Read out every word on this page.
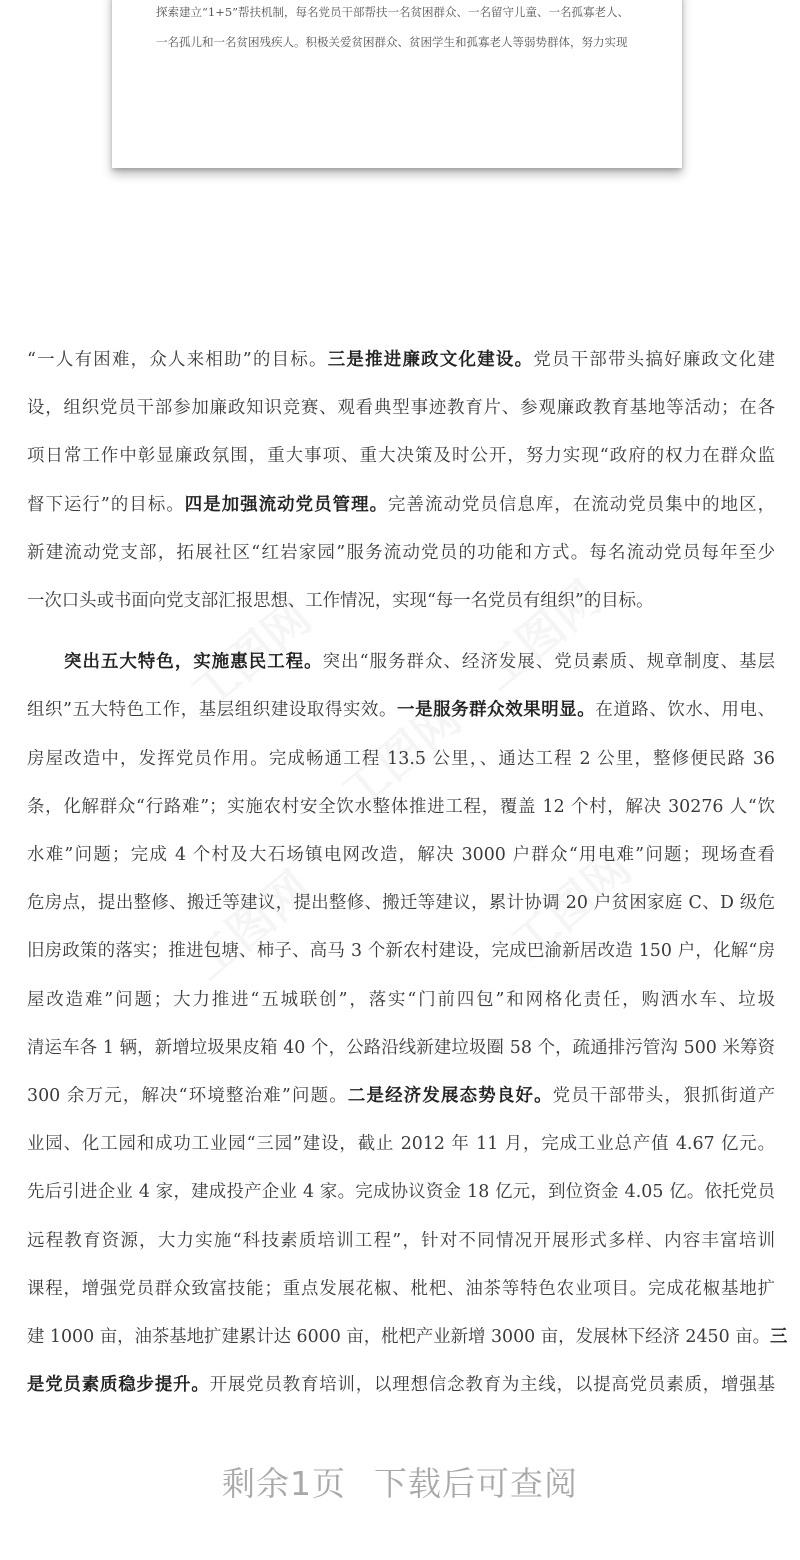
探索建立“1+5”帮扶机制，每名党员干部帮扶一名贫困群众、一名留守儿童、一名孤寡老人、
一名孤儿和一名贫困残疾人。积极关爱贫困群众、贫困学生和孤寡老人等弱势群体，努力实现

“一人有困难，众人来相助”的目标。三是推进廉政文化建设。党员干部带头搞好廉政文化建
设，组织党员干部参加廉政知识竞赛、观看典型事迹教育片、参观廉政教育基地等活动；在各
项日常工作中彰显廉政氛围，重大事项、重大决策及时公开，努力实现“政府的权力在群众监
督下运行”的目标。四是加强流动党员管理。完善流动党员信息库，在流动党员集中的地区，
新建流动党支部，拓展社区“红岩家园”服务流动党员的功能和方式。每名流动党员每年至少
一次口头或书面向党支部汇报思想、工作情况，实现“每一名党员有组织”的目标。

突出五大特色，实施惠民工程。突出“服务群众、经济发展、党员素质、规章制度、基层
组织”五大特色工作，基层组织建设取得实效。一是服务群众效果明显。在道路、饮水、用电、
房屋改造中，发挥党员作用。完成畅通工程 13.5 公里，、通达工程 2 公里，整修便民路 36
条，化解群众“行路难”；实施农村安全饮水整体推进工程，覆盖 12 个村，解决 30276 人“饮
水难”问题；完成 4 个村及大石场镇电网改造，解决 3000 户群众“用电难”问题；现场查看
危房点，提出整修、搬迁等建议，提出整修、搬迁等建议，累计协调 20 户贫困家庭 C、D 级危
旧房政策的落实；推进包塘、柿子、高马 3 个新农村建设，完成巴渝新居改造 150 户，化解“房
屋改造难”问题；大力推进“五城联创”，落实“门前四包”和网格化责任，购洒水车、垃圾
清运车各 1 辆，新增垃圾果皮箱 40 个，公路沿线新建垃圾圈 58 个，疏通排污管沟 500 米筹资
300 余万元，解决“环境整治难”问题。二是经济发展态势良好。党员干部带头，狠抓街道产
业园、化工园和成功工业园“三园”建设，截止 2012 年 11 月，完成工业总产值 4.67 亿元。
先后引进企业 4 家，建成投产企业 4 家。完成协议资金 18 亿元，到位资金 4.05 亿。依托党员
远程教育资源，大力实施“科技素质培训工程”，针对不同情况开展形式多样、内容丰富培训
课程，增强党员群众致富技能；重点发展花椒、枇杷、油茶等特色农业项目。完成花椒基地扩
建 1000 亩，油茶基地扩建累计达 6000 亩，枇杷产业新增 3000 亩，发展林下经济 2450 亩。三
是党员素质稳步提升。开展党员教育培训，以理想信念教育为主线，以提高党员素质，增强基

剩余1页 下载后可查阅
